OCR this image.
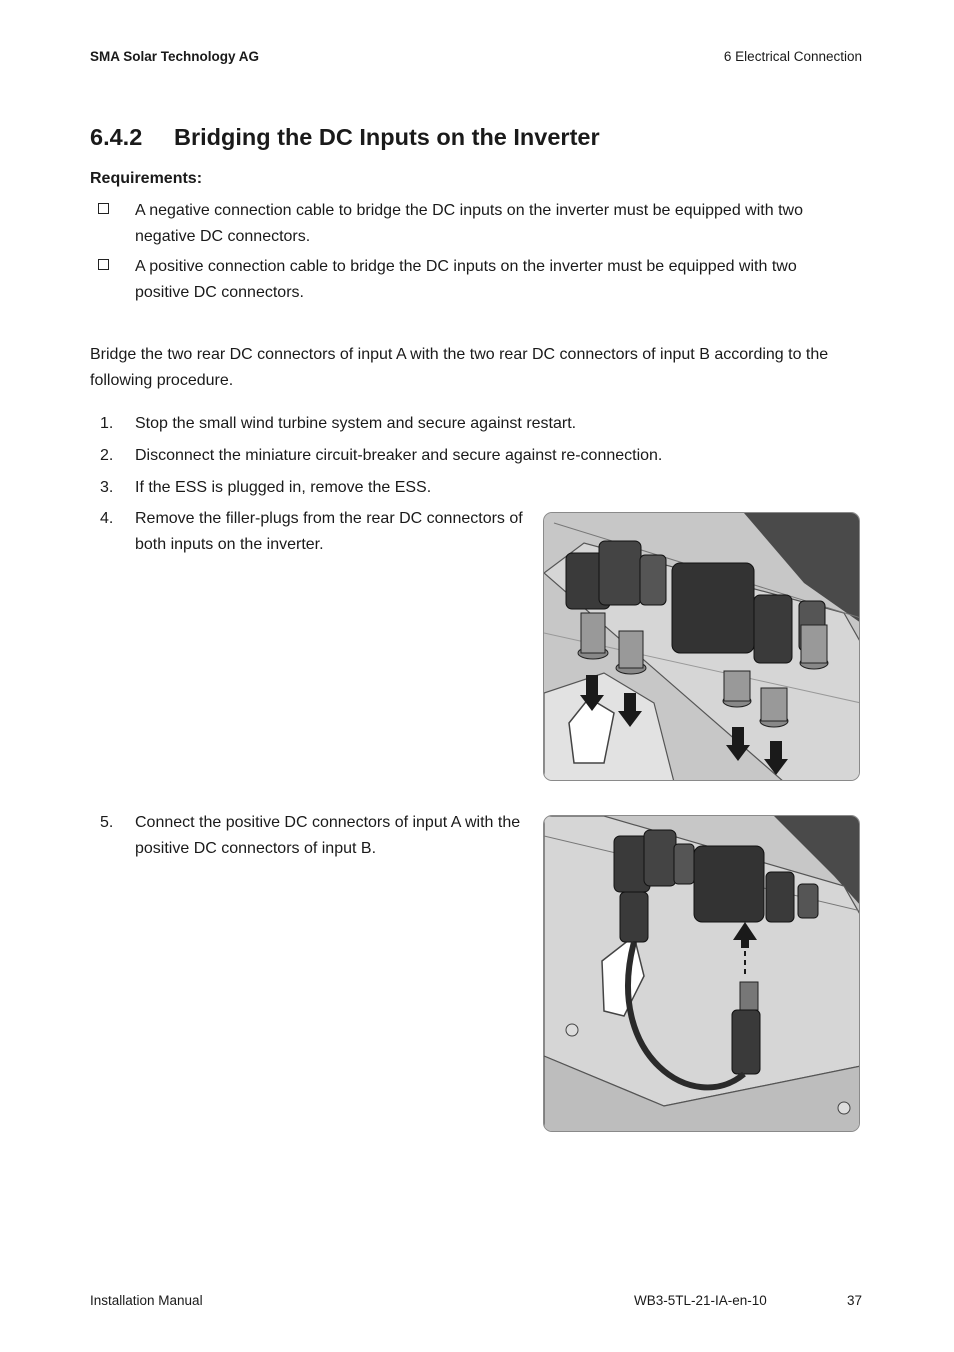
SMA Solar Technology AG	6 Electrical Connection
6.4.2 Bridging the DC Inputs on the Inverter
Requirements:
A negative connection cable to bridge the DC inputs on the inverter must be equipped with two negative DC connectors.
A positive connection cable to bridge the DC inputs on the inverter must be equipped with two positive DC connectors.
Bridge the two rear DC connectors of input A with the two rear DC connectors of input B according to the following procedure.
1. Stop the small wind turbine system and secure against restart.
2. Disconnect the miniature circuit-breaker and secure against re-connection.
3. If the ESS is plugged in, remove the ESS.
4. Remove the filler-plugs from the rear DC connectors of both inputs on the inverter.
5. Connect the positive DC connectors of input A with the positive DC connectors of input B.
Installation Manual	WB3-5TL-21-IA-en-10	37
